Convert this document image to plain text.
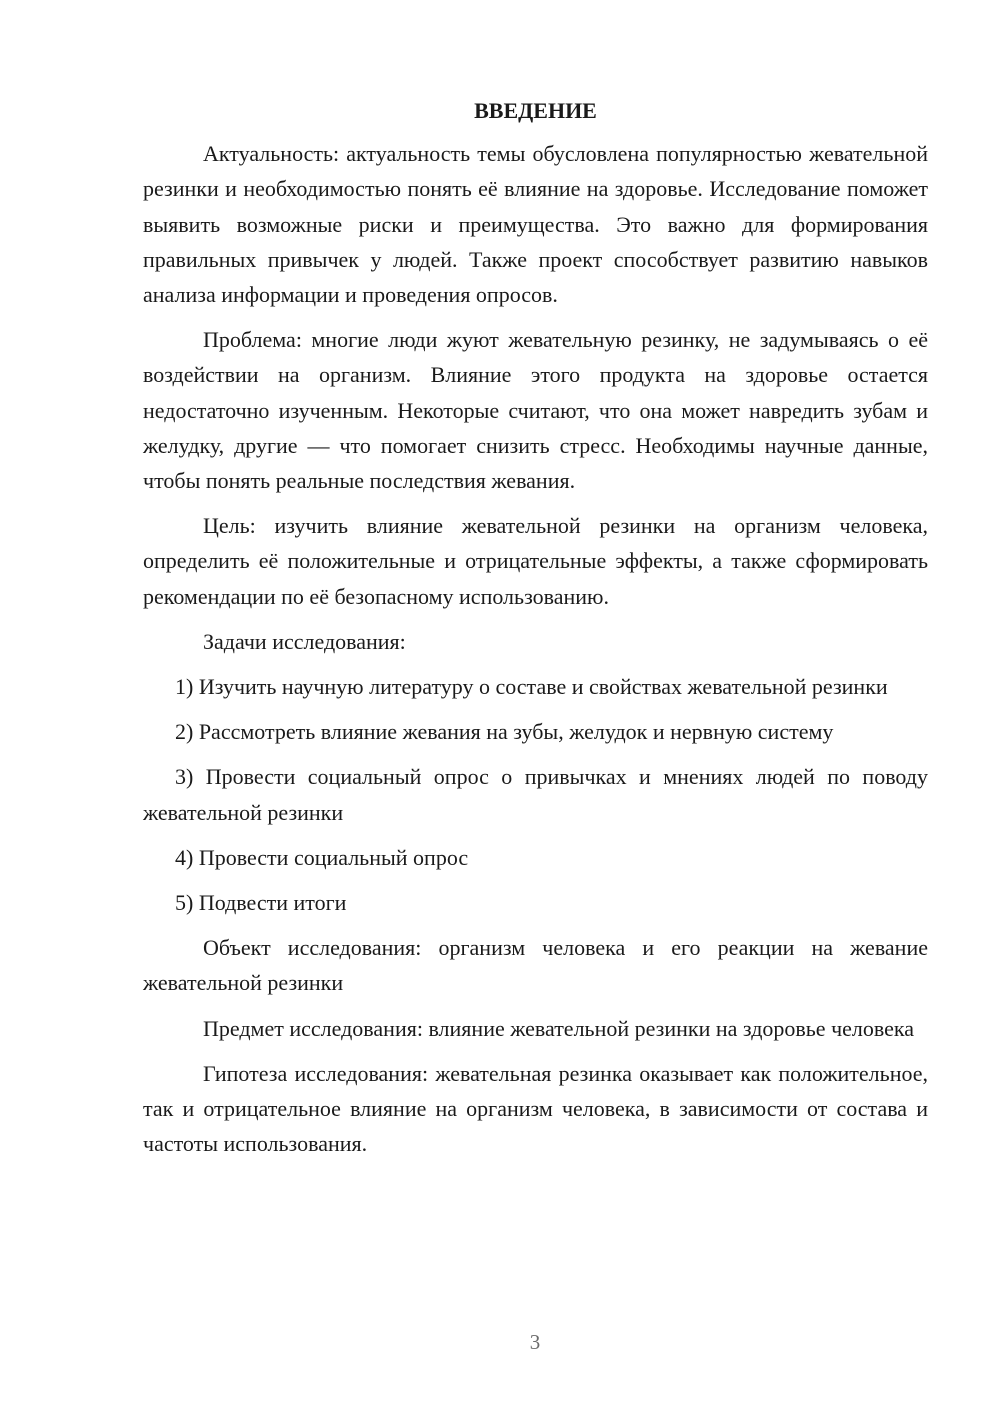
ВВЕДЕНИЕ

Актуальность: актуальность темы обусловлена популярностью жевательной резинки и необходимостью понять её влияние на здоровье. Исследование поможет выявить возможные риски и преимущества. Это важно для формирования правильных привычек у людей. Также проект способствует развитию навыков анализа информации и проведения опросов.

Проблема: многие люди жуют жевательную резинку, не задумываясь о её воздействии на организм. Влияние этого продукта на здоровье остается недостаточно изученным. Некоторые считают, что она может навредить зубам и желудку, другие — что помогает снизить стресс. Необходимы научные данные, чтобы понять реальные последствия жевания.

Цель: изучить влияние жевательной резинки на организм человека, определить её положительные и отрицательные эффекты, а также сформировать рекомендации по её безопасному использованию.

Задачи исследования:

1) Изучить научную литературу о составе и свойствах жевательной резинки

2) Рассмотреть влияние жевания на зубы, желудок и нервную систему

3) Провести социальный опрос о привычках и мнениях людей по поводу жевательной резинки

4) Провести социальный опрос

5) Подвести итоги

Объект исследования: организм человека и его реакции на жевание жевательной резинки

Предмет исследования: влияние жевательной резинки на здоровье человека

Гипотеза исследования: жевательная резинка оказывает как положительное, так и отрицательное влияние на организм человека, в зависимости от состава и частоты использования.

3
